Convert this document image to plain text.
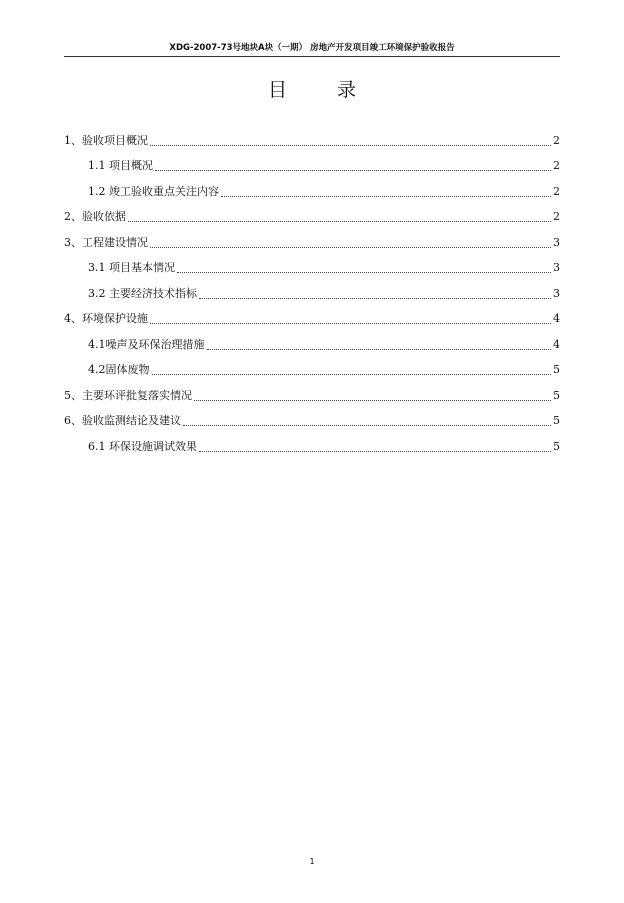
XDG-2007-73号地块A块（一期） 房地产开发项目竣工环境保护验收报告
目 录
1、验收项目概况	2
1.1 项目概况	2
1.2 竣工验收重点关注内容	2
2、验收依据	2
3、工程建设情况	3
3.1 项目基本情况	3
3.2 主要经济技术指标	3
4、环境保护设施	4
4.1噪声及环保治理措施	4
4.2固体废物	5
5、主要环评批复落实情况	5
6、验收监测结论及建议	5
6.1 环保设施调试效果	5
1
